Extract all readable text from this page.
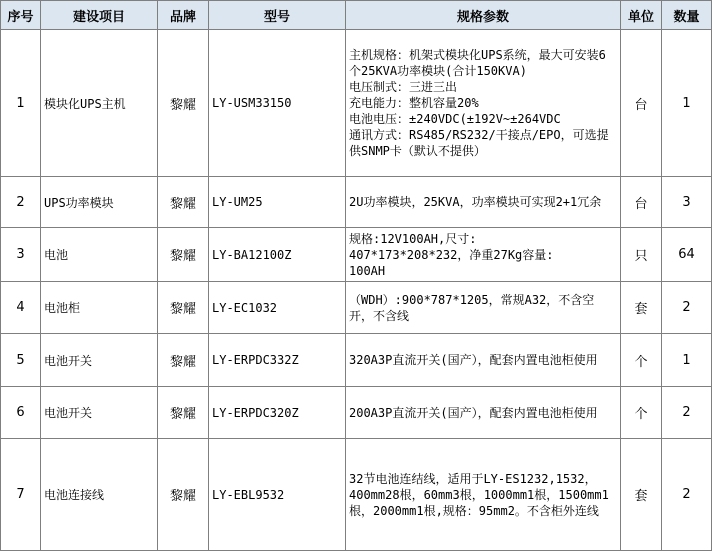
序号	建设项目	品牌	型号	规格参数	单位	数量
1	模块化UPS主机	黎耀	LY-USM33150	主机规格：机架式模块化UPS系统，最大可安装6个25KVA功率模块(合计150KVA)
电压制式：三进三出
充电能力：整机容量20%
电池电压：±240VDC(±192V~±264VDC
通讯方式：RS485/RS232/干接点/EPO，可选提供SNMP卡（默认不提供）	台	1
2	UPS功率模块	黎耀	LY-UM25	2U功率模块，25KVA，功率模块可实现2+1冗余	台	3
3	电池	黎耀	LY-BA12100Z	规格:12V100AH,尺寸:
407*173*208*232，净重27Kg容量:
100AH	只	64
4	电池柜	黎耀	LY-EC1032	（WDH）:900*787*1205，常规A32，不含空开，不含线	套	2
5	电池开关	黎耀	LY-ERPDC332Z	320A3P直流开关(国产），配套内置电池柜使用	个	1
6	电池开关	黎耀	LY-ERPDC320Z	200A3P直流开关(国产），配套内置电池柜使用	个	2
7	电池连接线	黎耀	LY-EBL9532	32节电池连结线，适用于LY-ES1232,1532，400mm28根，60mm3根，1000mm1根，1500mm1根，2000mm1根,规格：95mm2。不含柜外连线	套	2
